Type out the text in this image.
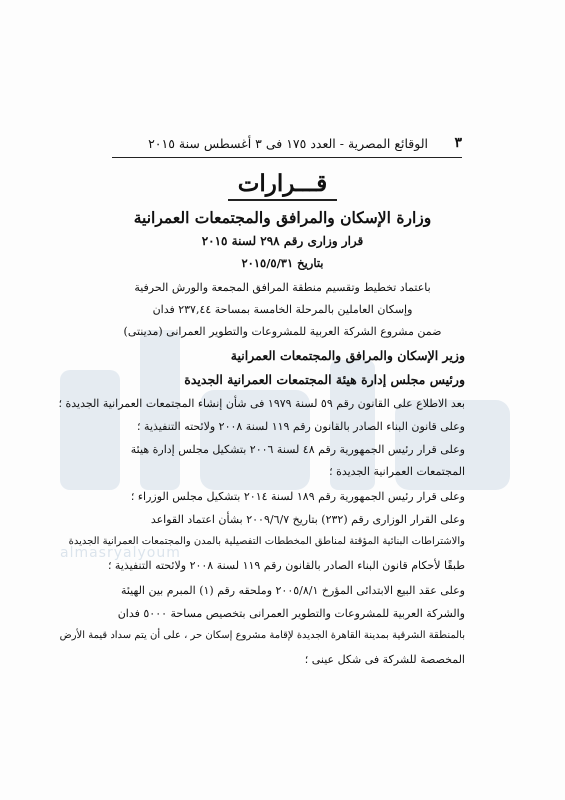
almasryalyoum
الوقائع المصرية - العدد ١٧٥ فى ٣ أغسطس سنة ٢٠١٥ ٣
قـــرارات
وزارة الإسكان والمرافق والمجتمعات العمرانية
قرار وزارى رقم ٢٩٨ لسنة ٢٠١٥
بتاريخ ٢٠١٥/٥/٣١
باعتماد تخطيط وتقسيم منطقة المرافق المجمعة والورش الحرفية
وإسكان العاملين بالمرحلة الخامسة بمساحة ٢٣٧,٤٤ فدان
ضمن مشروع الشركة العربية للمشروعات والتطوير العمرانى (مدينتى)
وزير الإسكان والمرافق والمجتمعات العمرانية
ورئيس مجلس إدارة هيئة المجتمعات العمرانية الجديدة
بعد الاطلاع على القانون رقم ٥٩ لسنة ١٩٧٩ فى شأن إنشاء المجتمعات العمرانية الجديدة ؛
وعلى قانون البناء الصادر بالقانون رقم ١١٩ لسنة ٢٠٠٨ ولائحته التنفيذية ؛
وعلى قرار رئيس الجمهورية رقم ٤٨ لسنة ٢٠٠٦ بتشكيل مجلس إدارة هيئة
المجتمعات العمرانية الجديدة ؛
وعلى قرار رئيس الجمهورية رقم ١٨٩ لسنة ٢٠١٤ بتشكيل مجلس الوزراء ؛
وعلى القرار الوزارى رقم (٢٣٢) بتاريخ ٢٠٠٩/٦/٧ بشأن اعتماد القواعد
والاشتراطات البنائية المؤقتة لمناطق المخططات التفصيلية بالمدن والمجتمعات العمرانية الجديدة
طبقًا لأحكام قانون البناء الصادر بالقانون رقم ١١٩ لسنة ٢٠٠٨ ولائحته التنفيذية ؛
وعلى عقد البيع الابتدائى المؤرخ ٢٠٠٥/٨/١ وملحقه رقم (١) المبرم بين الهيئة
والشركة العربية للمشروعات والتطوير العمرانى بتخصيص مساحة ٥٠٠٠ فدان
بالمنطقة الشرقية بمدينة القاهرة الجديدة لإقامة مشروع إسكان حر ، على أن يتم سداد قيمة الأرض
المخصصة للشركة فى شكل عينى ؛
